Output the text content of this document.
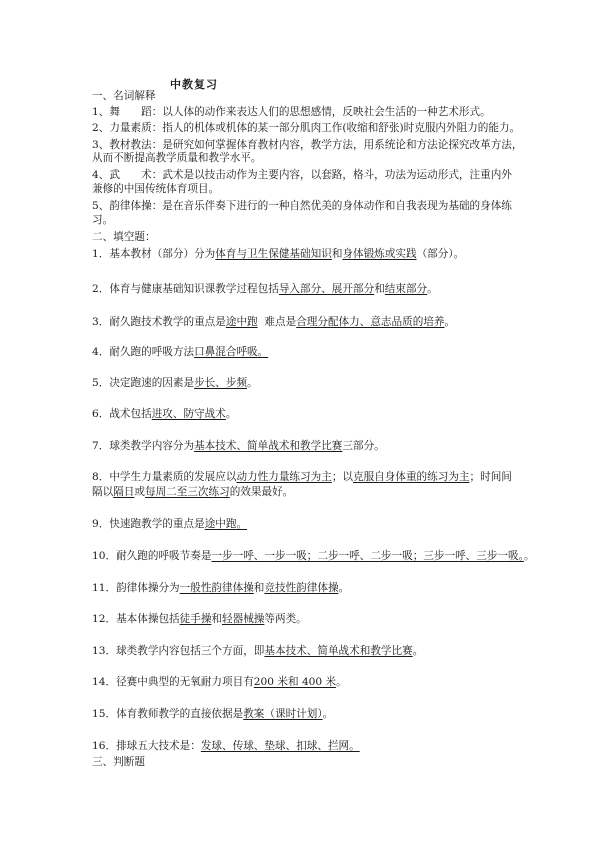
中教复习
一、名词解释
1、舞　　蹈：以人体的动作来表达人们的思想感情，反映社会生活的一种艺术形式。
2、力量素质：指人的机体或机体的某一部分肌肉工作(收缩和舒张)时克服内外阻力的能力。
3、教材教法：是研究如何掌握体育教材内容，教学方法，用系统论和方法论探究改革方法，
从而不断提高教学质量和教学水平。
4、武　　术：武术是以技击动作为主要内容，以套路，格斗，功法为运动形式，注重内外
兼修的中国传统体育项目。
5、韵律体操：是在音乐伴奏下进行的一种自然优美的身体动作和自我表现为基础的身体练
习。
二、填空题：
1．基本教材（部分）分为体育与卫生保健基础知识和身体锻炼或实践（部分）。
2．体育与健康基础知识课教学过程包括导入部分、展开部分和结束部分。
3．耐久跑技术教学的重点是途中跑  难点是合理分配体力、意志品质的培养。
4．耐久跑的呼吸方法口鼻混合呼吸。
5．决定跑速的因素是步长、步频。
6．战术包括进攻、防守战术。
7．球类教学内容分为基本技术、简单战术和教学比赛三部分。
8．中学生力量素质的发展应以动力性力量练习为主；以克服自身体重的练习为主；时间间
隔以隔日或每周二至三次练习的效果最好。
9．快速跑教学的重点是途中跑。
10．耐久跑的呼吸节奏是一步一呼、一步一吸；二步一呼、二步一吸；三步一呼、三步一吸。。
11．韵律体操分为一般性韵律体操和竞技性韵律体操。
12．基本体操包括徒手操和轻器械操等两类。
13．球类教学内容包括三个方面，即基本技术、简单战术和教学比赛。
14．径赛中典型的无氧耐力项目有200 米和 400 米。
15．体育教师教学的直接依据是教案（课时计划）。
16．排球五大技术是：发球、传球、垫球、扣球、拦网。
三、判断题
